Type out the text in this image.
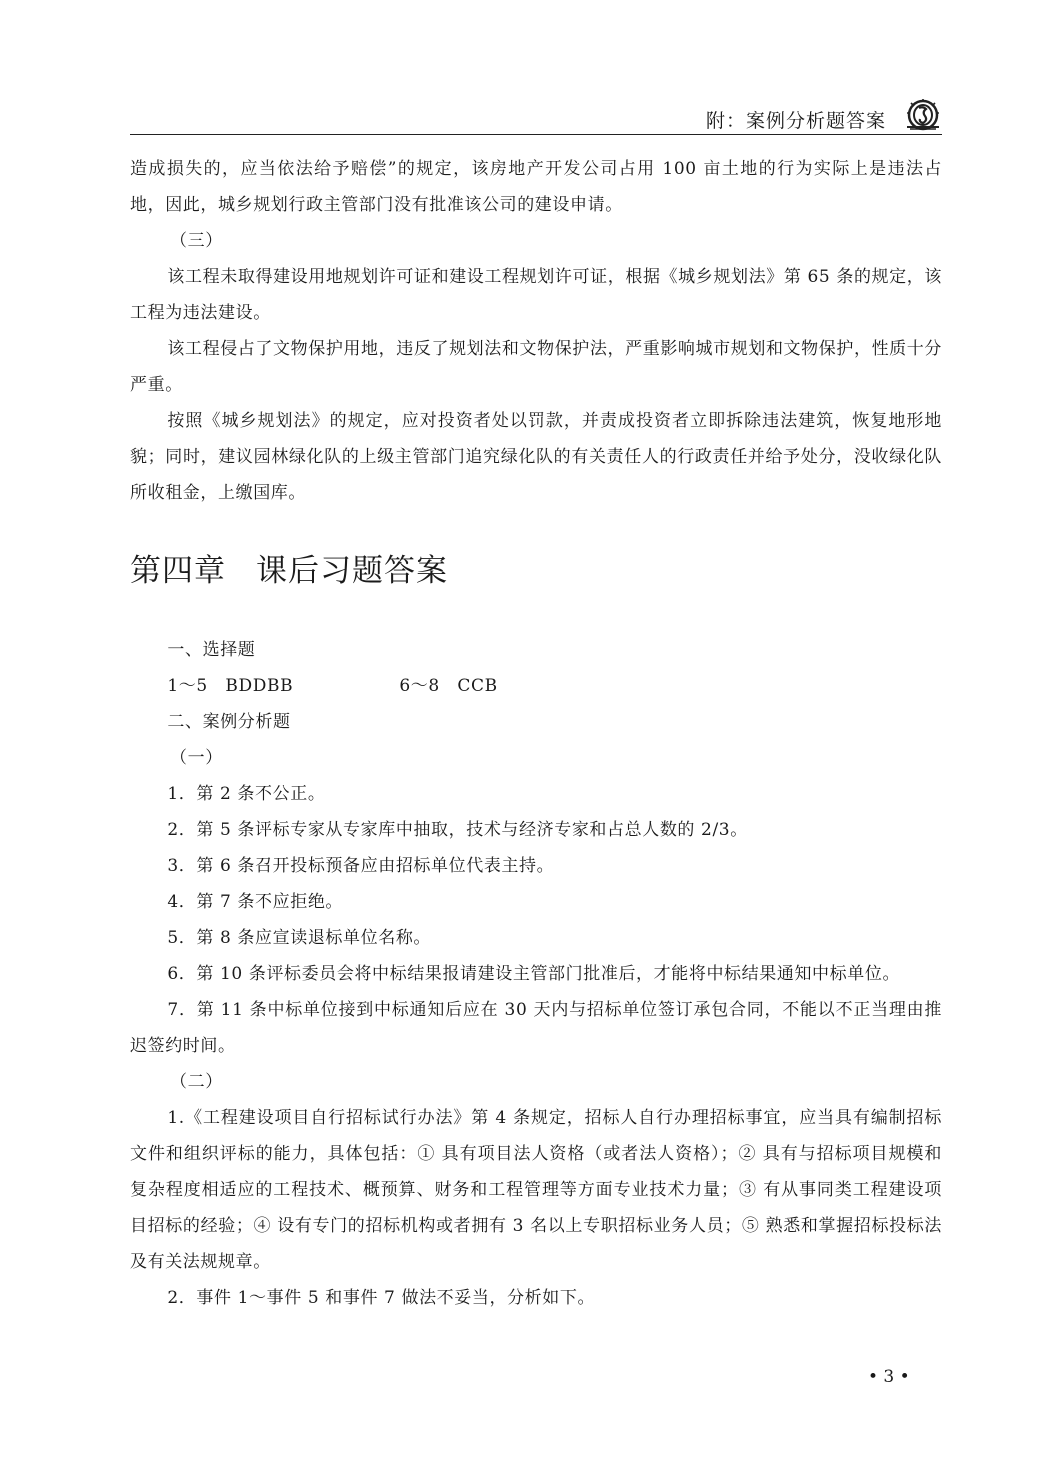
附：案例分析题答案

造成损失的，应当依法给予赔偿”的规定，该房地产开发公司占用 100 亩土地的行为实际上是违法占地，因此，城乡规划行政主管部门没有批准该公司的建设申请。

（三）

该工程未取得建设用地规划许可证和建设工程规划许可证，根据《城乡规划法》第 65 条的规定，该工程为违法建设。

该工程侵占了文物保护用地，违反了规划法和文物保护法，严重影响城市规划和文物保护，性质十分严重。

按照《城乡规划法》的规定，应对投资者处以罚款，并责成投资者立即拆除违法建筑，恢复地形地貌；同时，建议园林绿化队的上级主管部门追究绿化队的有关责任人的行政责任并给予处分，没收绿化队所收租金，上缴国库。

第四章 课后习题答案

一、选择题

1～5　BDDBB	6～8　CCB

二、案例分析题

（一）

1．第 2 条不公正。

2．第 5 条评标专家从专家库中抽取，技术与经济专家和占总人数的 2/3。

3．第 6 条召开投标预备应由招标单位代表主持。

4．第 7 条不应拒绝。

5．第 8 条应宣读退标单位名称。

6．第 10 条评标委员会将中标结果报请建设主管部门批准后，才能将中标结果通知中标单位。

7．第 11 条中标单位接到中标通知后应在 30 天内与招标单位签订承包合同，不能以不正当理由推迟签约时间。

（二）

1.《工程建设项目自行招标试行办法》第 4 条规定，招标人自行办理招标事宜，应当具有编制招标文件和组织评标的能力，具体包括：① 具有项目法人资格（或者法人资格）；② 具有与招标项目规模和复杂程度相适应的工程技术、概预算、财务和工程管理等方面专业技术力量；③ 有从事同类工程建设项目招标的经验；④ 设有专门的招标机构或者拥有 3 名以上专职招标业务人员；⑤ 熟悉和掌握招标投标法及有关法规规章。

2．事件 1～事件 5 和事件 7 做法不妥当，分析如下。

• 3 •
